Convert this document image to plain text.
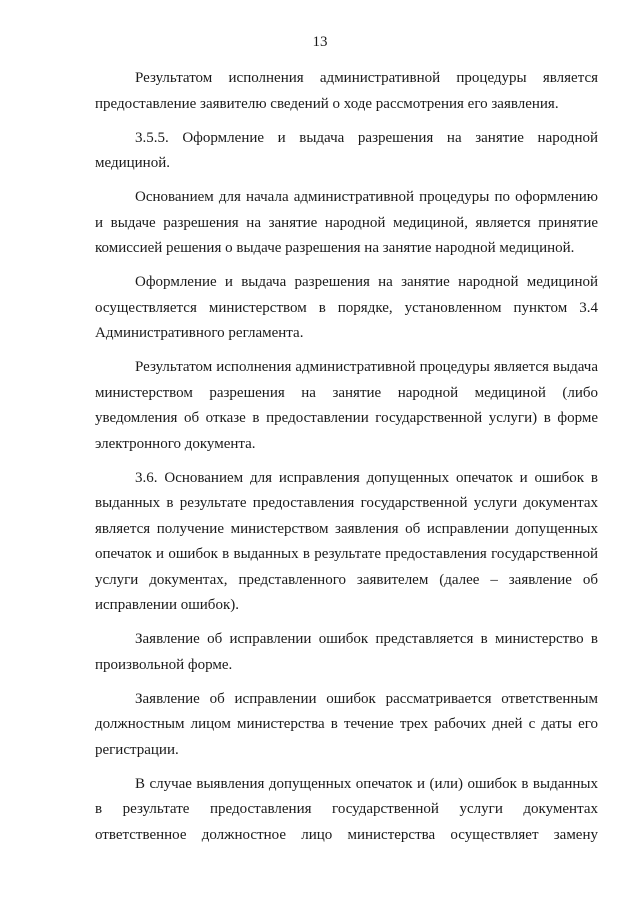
13

Результатом исполнения административной процедуры является предоставление заявителю сведений о ходе рассмотрения его заявления.

3.5.5. Оформление и выдача разрешения на занятие народной медициной.

Основанием для начала административной процедуры по оформлению и выдаче разрешения на занятие народной медициной, является принятие комиссией решения о выдаче разрешения на занятие народной медициной.

Оформление и выдача разрешения на занятие народной медициной осуществляется министерством в порядке, установленном пунктом 3.4 Административного регламента.

Результатом исполнения административной процедуры является выдача министерством разрешения на занятие народной медициной (либо уведомления об отказе в предоставлении государственной услуги) в форме электронного документа.

3.6. Основанием для исправления допущенных опечаток и ошибок в выданных в результате предоставления государственной услуги документах является получение министерством заявления об исправлении допущенных опечаток и ошибок в выданных в результате предоставления государственной услуги документах, представленного заявителем (далее – заявление об исправлении ошибок).

Заявление об исправлении ошибок представляется в министерство в произвольной форме.

Заявление об исправлении ошибок рассматривается ответственным должностным лицом министерства в течение трех рабочих дней с даты его регистрации.

В случае выявления допущенных опечаток и (или) ошибок в выданных в результате предоставления государственной услуги документах ответственное должностное лицо министерства осуществляет замену
